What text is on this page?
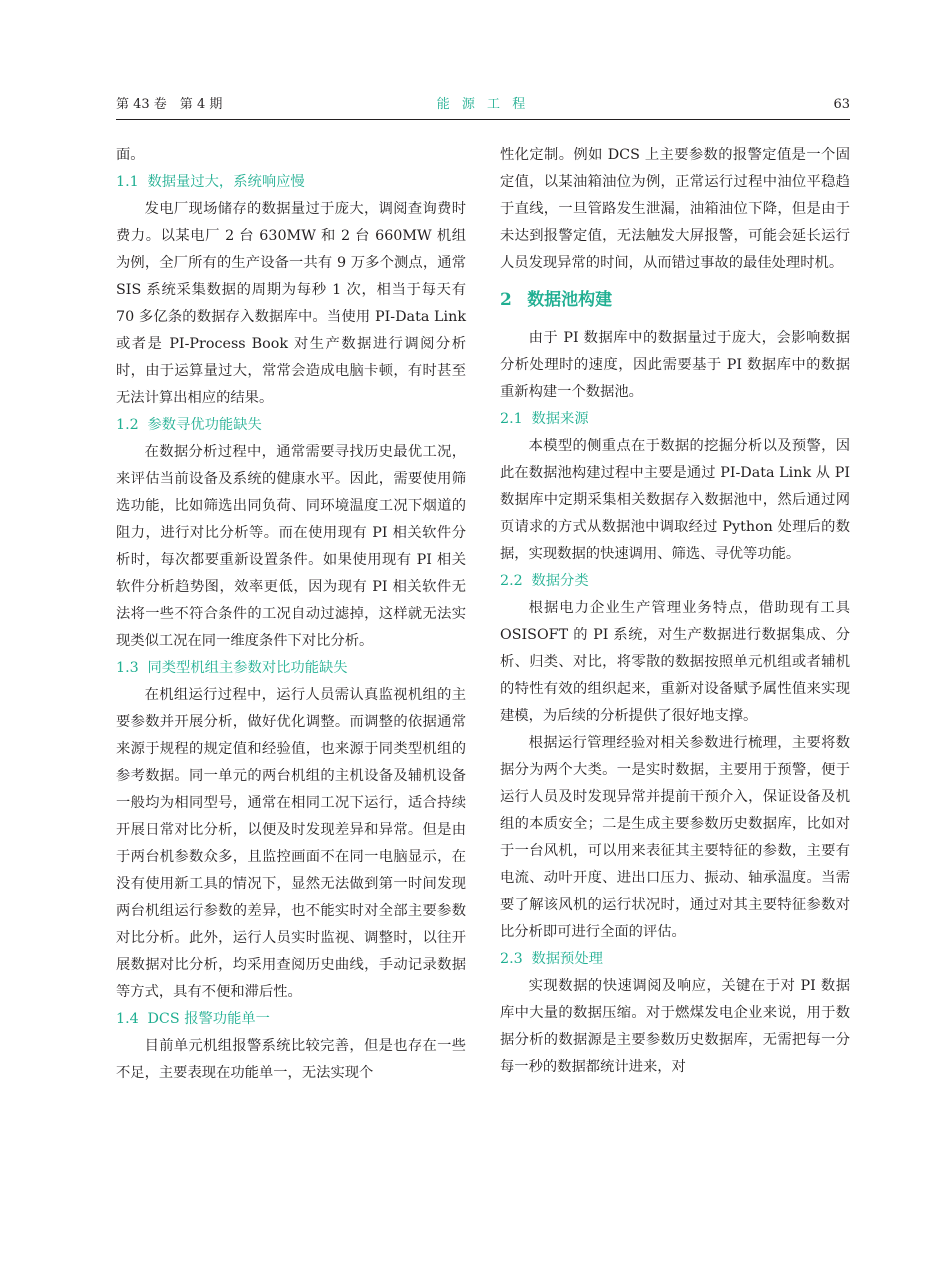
第 43 卷　第 4 期	能 源 工 程	63

面。

1.1 数据量过大，系统响应慢

发电厂现场储存的数据量过于庞大，调阅查询费时费力。以某电厂 2 台 630MW 和 2 台 660MW 机组为例，全厂所有的生产设备一共有 9 万多个测点，通常 SIS 系统采集数据的周期为每秒 1 次，相当于每天有 70 多亿条的数据存入数据库中。当使用 PI-Data Link 或者是 PI-Process Book 对生产数据进行调阅分析时，由于运算量过大，常常会造成电脑卡顿，有时甚至无法计算出相应的结果。

1.2 参数寻优功能缺失

在数据分析过程中，通常需要寻找历史最优工况，来评估当前设备及系统的健康水平。因此，需要使用筛选功能，比如筛选出同负荷、同环境温度工况下烟道的阻力，进行对比分析等。而在使用现有 PI 相关软件分析时，每次都要重新设置条件。如果使用现有 PI 相关软件分析趋势图，效率更低，因为现有 PI 相关软件无法将一些不符合条件的工况自动过滤掉，这样就无法实现类似工况在同一维度条件下对比分析。

1.3 同类型机组主参数对比功能缺失

在机组运行过程中，运行人员需认真监视机组的主要参数并开展分析，做好优化调整。而调整的依据通常来源于规程的规定值和经验值，也来源于同类型机组的参考数据。同一单元的两台机组的主机设备及辅机设备一般均为相同型号，通常在相同工况下运行，适合持续开展日常对比分析，以便及时发现差异和异常。但是由于两台机参数众多，且监控画面不在同一电脑显示，在没有使用新工具的情况下，显然无法做到第一时间发现两台机组运行参数的差异，也不能实时对全部主要参数对比分析。此外，运行人员实时监视、调整时，以往开展数据对比分析，均采用查阅历史曲线，手动记录数据等方式，具有不便和滞后性。

1.4 DCS 报警功能单一

目前单元机组报警系统比较完善，但是也存在一些不足，主要表现在功能单一，无法实现个

性化定制。例如 DCS 上主要参数的报警定值是一个固定值，以某油箱油位为例，正常运行过程中油位平稳趋于直线，一旦管路发生泄漏，油箱油位下降，但是由于未达到报警定值，无法触发大屏报警，可能会延长运行人员发现异常的时间，从而错过事故的最佳处理时机。

2 数据池构建

由于 PI 数据库中的数据量过于庞大，会影响数据分析处理时的速度，因此需要基于 PI 数据库中的数据重新构建一个数据池。

2.1 数据来源

本模型的侧重点在于数据的挖掘分析以及预警，因此在数据池构建过程中主要是通过 PI-Data Link 从 PI 数据库中定期采集相关数据存入数据池中，然后通过网页请求的方式从数据池中调取经过 Python 处理后的数据，实现数据的快速调用、筛选、寻优等功能。

2.2 数据分类

根据电力企业生产管理业务特点，借助现有工具 OSISOFT 的 PI 系统，对生产数据进行数据集成、分析、归类、对比，将零散的数据按照单元机组或者辅机的特性有效的组织起来，重新对设备赋予属性值来实现建模，为后续的分析提供了很好地支撑。

根据运行管理经验对相关参数进行梳理，主要将数据分为两个大类。一是实时数据，主要用于预警，便于运行人员及时发现异常并提前干预介入，保证设备及机组的本质安全；二是生成主要参数历史数据库，比如对于一台风机，可以用来表征其主要特征的参数，主要有电流、动叶开度、进出口压力、振动、轴承温度。当需要了解该风机的运行状况时，通过对其主要特征参数对比分析即可进行全面的评估。

2.3 数据预处理

实现数据的快速调阅及响应，关键在于对 PI 数据库中大量的数据压缩。对于燃煤发电企业来说，用于数据分析的数据源是主要参数历史数据库，无需把每一分每一秒的数据都统计进来，对
